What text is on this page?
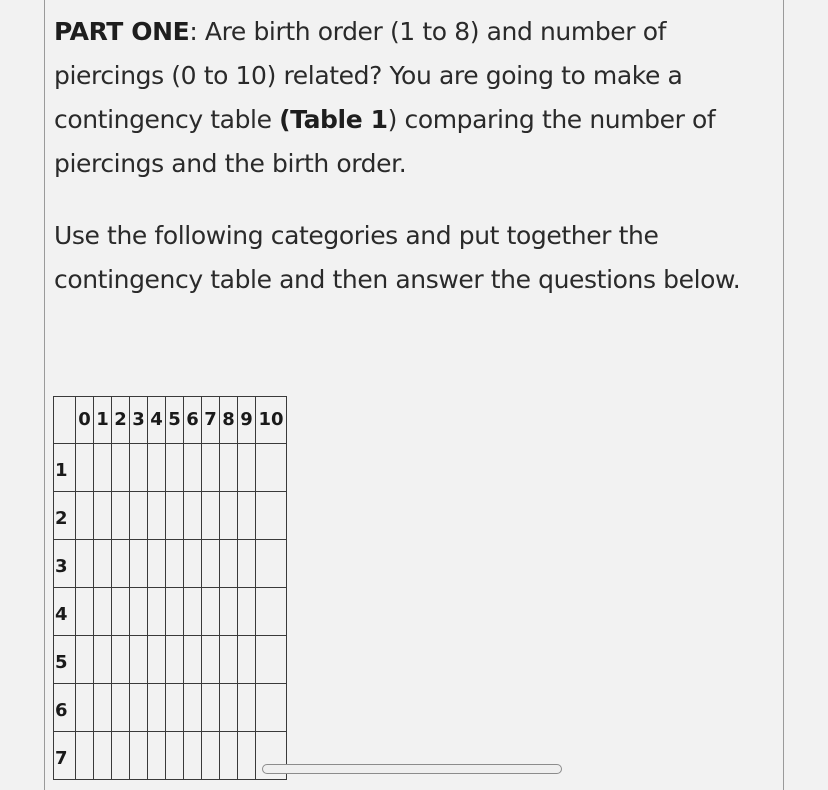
PART ONE: Are birth order (1 to 8) and number of piercings (0 to 10) related? You are going to make a contingency table (Table 1) comparing the number of piercings and the birth order.
Use the following categories and put together the contingency table and then answer the questions below.
	0	1	2	3	4	5	6	7	8	9	10
1											
2											
3											
4											
5											
6											
7											
